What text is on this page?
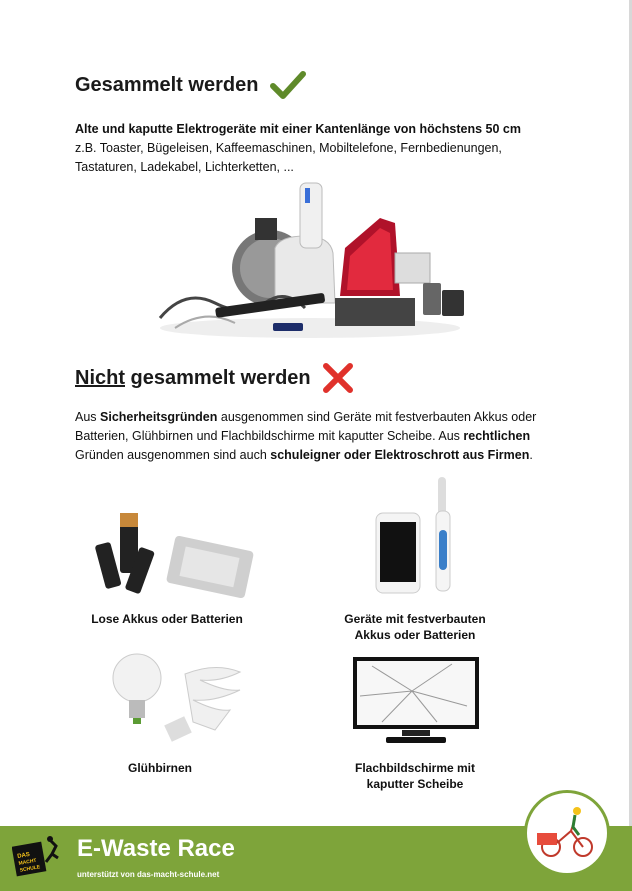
Gesammelt werden
Alte und kaputte Elektrogeräte mit einer Kantenlänge von höchstens 50 cm
z.B. Toaster, Bügeleisen, Kaffeemaschinen, Mobiltelefone, Fernbedienungen, Tastaturen, Ladekabel, Lichterketten, ...
Nicht gesammelt werden
Aus Sicherheitsgründen ausgenommen sind Geräte mit festverbauten Akkus oder Batterien, Glühbirnen und Flachbildschirme mit kaputter Scheibe. Aus rechtlichen Gründen ausgenommen sind auch schuleigner oder Elektroschrott aus Firmen.
Lose Akkus oder Batterien	Geräte mit festverbauten
Akkus oder Batterien
Glühbirnen	Flachbildschirme mit
kaputter Scheibe
DAS
MACHT
SCHULE
E-Waste Race
unterstützt von das-macht-schule.net
